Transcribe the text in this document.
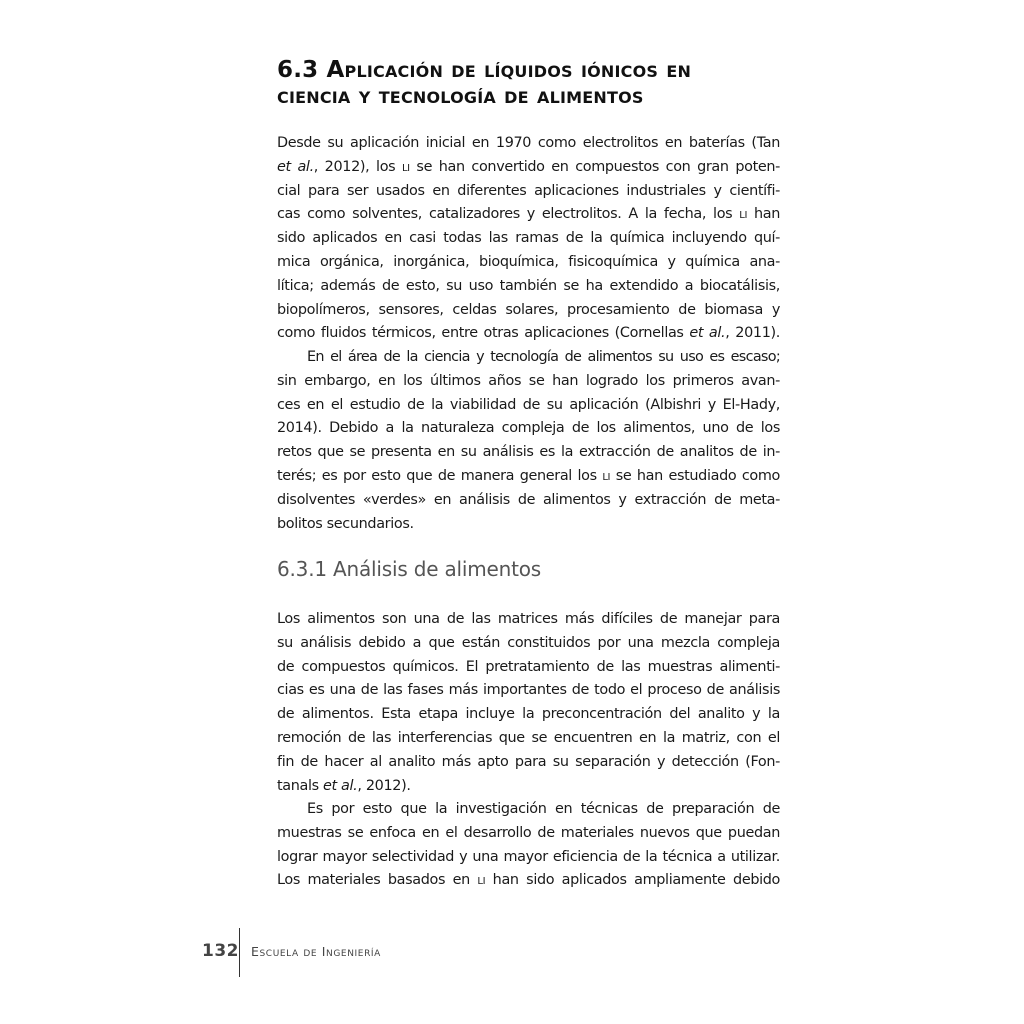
6.3 Aplicación de líquidos iónicos en
ciencia y tecnología de alimentos
Desde su aplicación inicial en 1970 como electrolitos en baterías (Tan
et al., 2012), los li se han convertido en compuestos con gran poten-
cial para ser usados en diferentes aplicaciones industriales y científi-
cas como solventes, catalizadores y electrolitos. A la fecha, los li han
sido aplicados en casi todas las ramas de la química incluyendo quí-
mica orgánica, inorgánica, bioquímica, fisicoquímica y química ana-
lítica; además de esto, su uso también se ha extendido a biocatálisis,
biopolímeros, sensores, celdas solares, procesamiento de biomasa y
como fluidos térmicos, entre otras aplicaciones (Cornellas et al., 2011).
En el área de la ciencia y tecnología de alimentos su uso es escaso;
sin embargo, en los últimos años se han logrado los primeros avan-
ces en el estudio de la viabilidad de su aplicación (Albishri y El-Hady,
2014). Debido a la naturaleza compleja de los alimentos, uno de los
retos que se presenta en su análisis es la extracción de analitos de in-
terés; es por esto que de manera general los li se han estudiado como
disolventes «verdes» en análisis de alimentos y extracción de meta-
bolitos secundarios.
6.3.1 Análisis de alimentos
Los alimentos son una de las matrices más difíciles de manejar para
su análisis debido a que están constituidos por una mezcla compleja
de compuestos químicos. El pretratamiento de las muestras alimenti-
cias es una de las fases más importantes de todo el proceso de análisis
de alimentos. Esta etapa incluye la preconcentración del analito y la
remoción de las interferencias que se encuentren en la matriz, con el
fin de hacer al analito más apto para su separación y detección (Fon-
tanals et al., 2012).
Es por esto que la investigación en técnicas de preparación de
muestras se enfoca en el desarrollo de materiales nuevos que puedan
lograr mayor selectividad y una mayor eficiencia de la técnica a utilizar.
Los materiales basados en li han sido aplicados ampliamente debido
132 Escuela de Ingeniería
